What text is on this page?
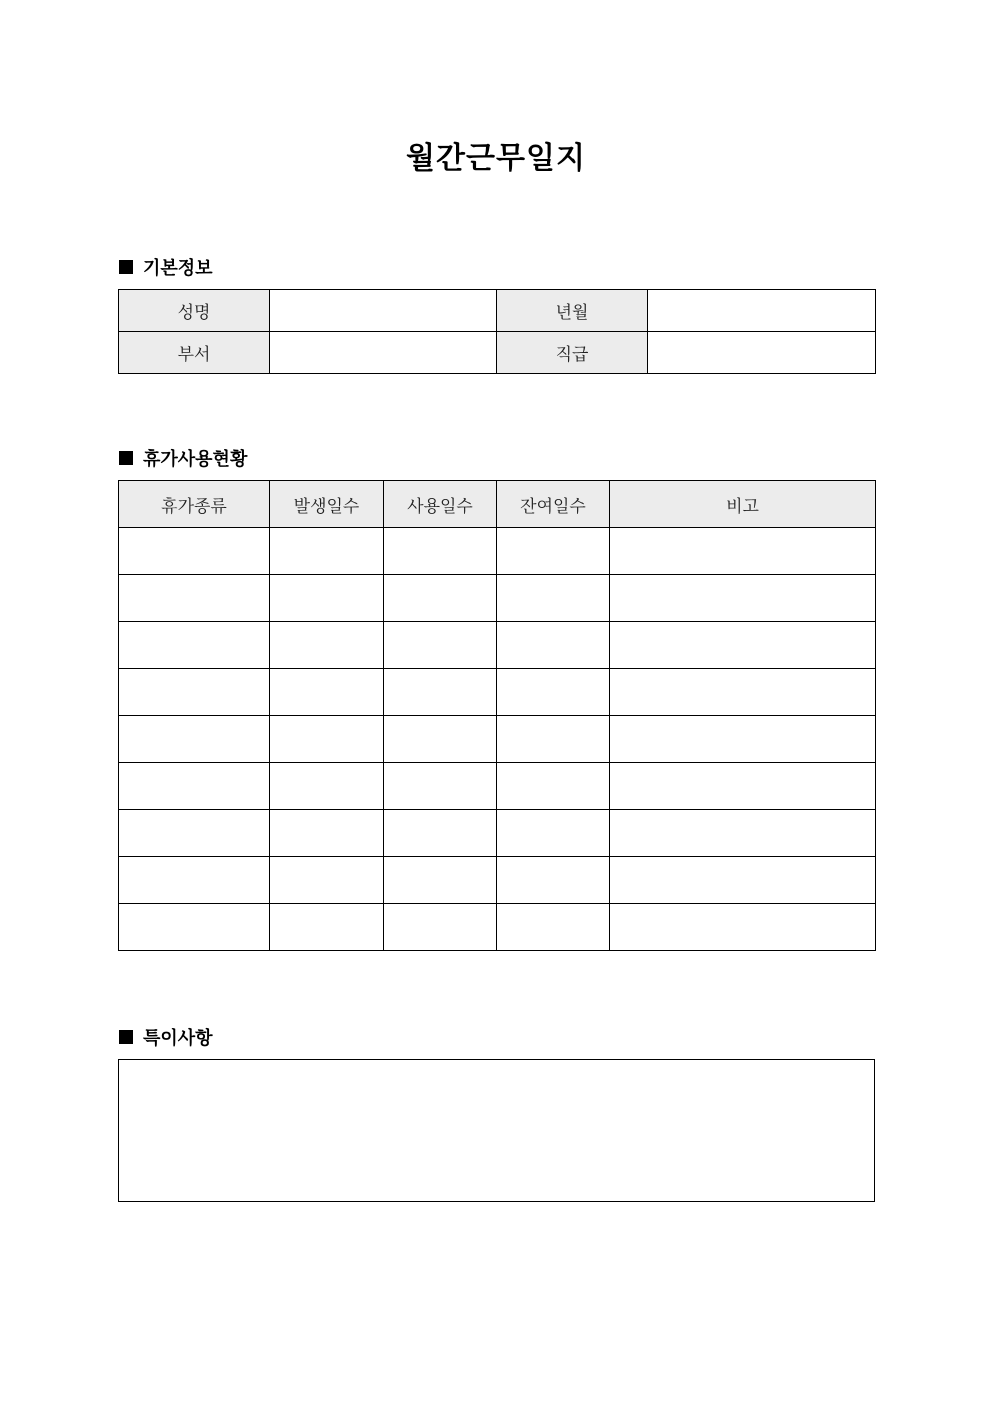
월간근무일지
기본정보
성명		년월	
부서		직급	
휴가사용현황
휴가종류	발생일수	사용일수	잔여일수	비고

특이사항
